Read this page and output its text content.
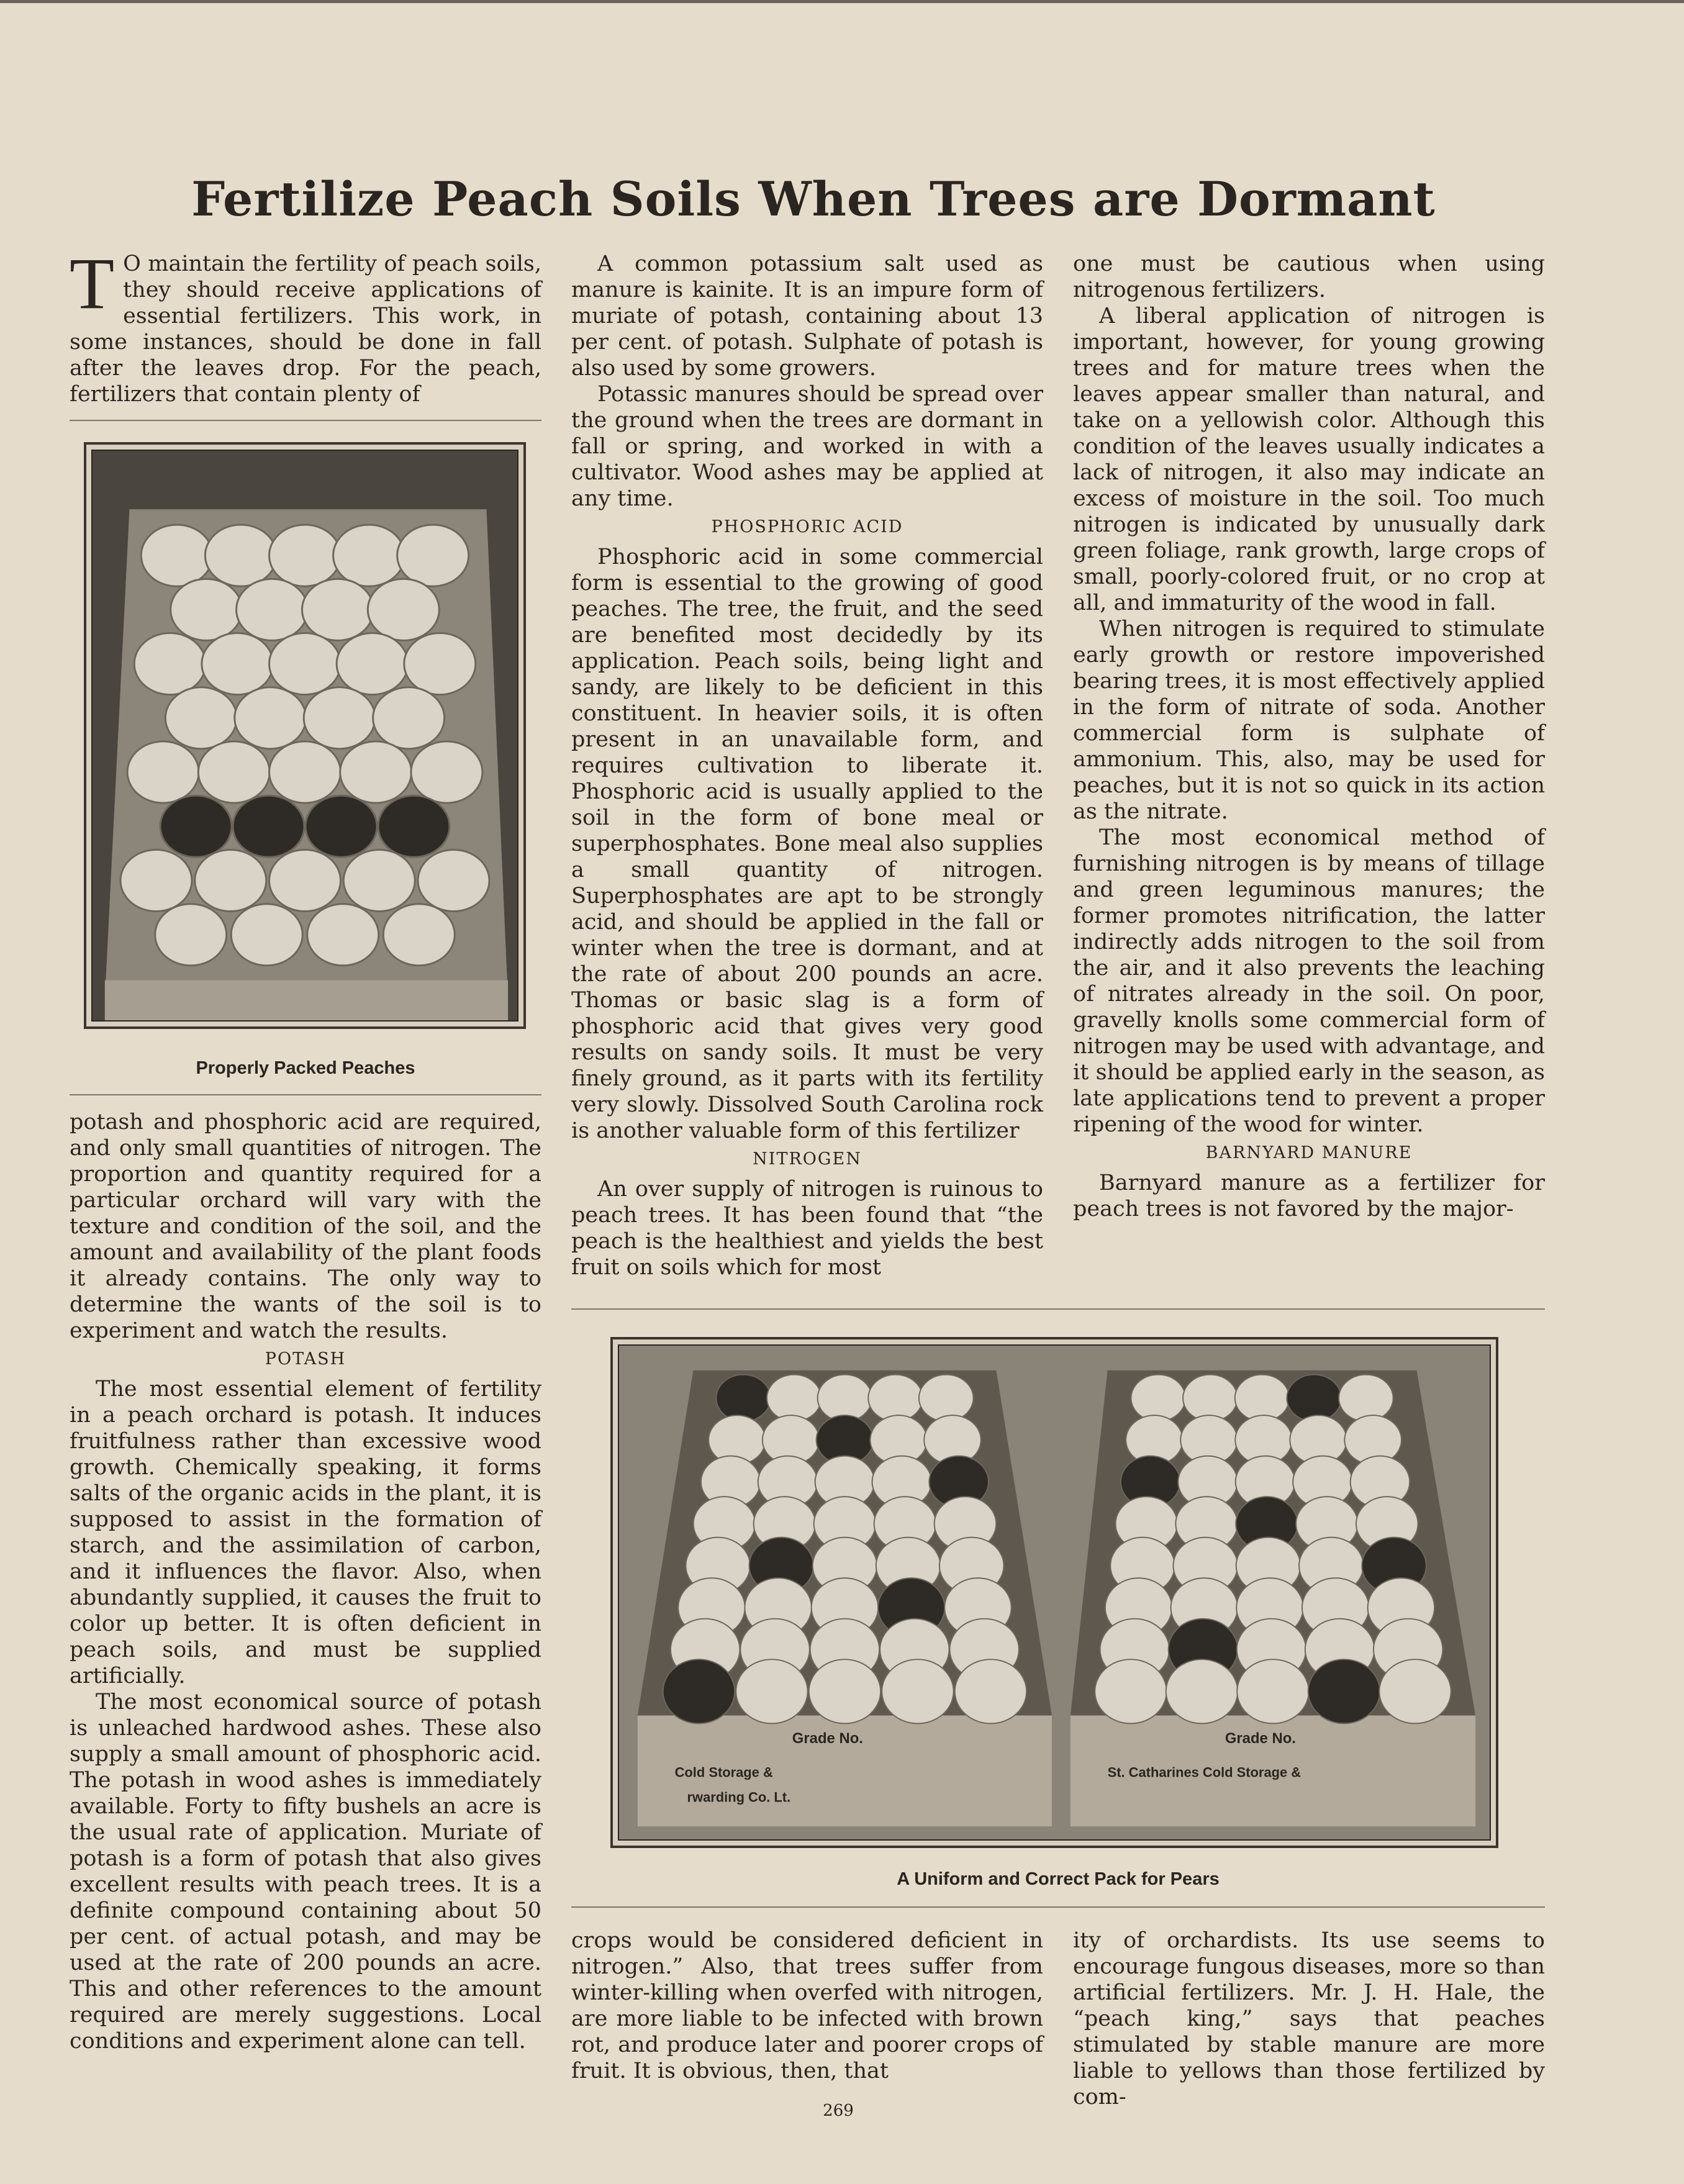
Fertilize Peach Soils When Trees are Dormant

T O maintain the fertility of peach soils, they should receive applications of essential fertilizers. This work, in some instances, should be done in fall after the leaves drop. For the peach, fertilizers that contain plenty of

Properly Packed Peaches

potash and phosphoric acid are required, and only small quantities of nitrogen. The proportion and quantity required for a particular orchard will vary with the texture and condition of the soil, and the amount and availability of the plant foods it already contains. The only way to determine the wants of the soil is to experiment and watch the results.

POTASH

The most essential element of fertility in a peach orchard is potash. It induces fruitfulness rather than excessive wood growth. Chemically speaking, it forms salts of the organic acids in the plant, it is supposed to assist in the formation of starch, and the assimilation of carbon, and it influences the flavor. Also, when abundantly supplied, it causes the fruit to color up better. It is often deficient in peach soils, and must be supplied artificially.

The most economical source of potash is unleached hardwood ashes. These also supply a small amount of phosphoric acid. The potash in wood ashes is immediately available. Forty to fifty bushels an acre is the usual rate of application. Muriate of potash is a form of potash that also gives excellent results with peach trees. It is a definite compound containing about 50 per cent. of actual potash, and may be used at the rate of 200 pounds an acre. This and other references to the amount required are merely suggestions. Local conditions and experiment alone can tell.

A common potassium salt used as manure is kainite. It is an impure form of muriate of potash, containing about 13 per cent. of potash. Sulphate of potash is also used by some growers.

Potassic manures should be spread over the ground when the trees are dormant in fall or spring, and worked in with a cultivator. Wood ashes may be applied at any time.

PHOSPHORIC ACID

Phosphoric acid in some commercial form is essential to the growing of good peaches. The tree, the fruit, and the seed are benefited most decidedly by its application. Peach soils, being light and sandy, are likely to be deficient in this constituent. In heavier soils, it is often present in an unavailable form, and requires cultivation to liberate it. Phosphoric acid is usually applied to the soil in the form of bone meal or superphosphates. Bone meal also supplies a small quantity of nitrogen. Superphosphates are apt to be strongly acid, and should be applied in the fall or winter when the tree is dormant, and at the rate of about 200 pounds an acre. Thomas or basic slag is a form of phosphoric acid that gives very good results on sandy soils. It must be very finely ground, as it parts with its fertility very slowly. Dissolved South Carolina rock is another valuable form of this fertilizer

NITROGEN

An over supply of nitrogen is ruinous to peach trees. It has been found that “the peach is the healthiest and yields the best fruit on soils which for most

one must be cautious when using nitrogenous fertilizers.

A liberal application of nitrogen is important, however, for young growing trees and for mature trees when the leaves appear smaller than natural, and take on a yellowish color. Although this condition of the leaves usually indicates a lack of nitrogen, it also may indicate an excess of moisture in the soil. Too much nitrogen is indicated by unusually dark green foliage, rank growth, large crops of small, poorly-colored fruit, or no crop at all, and immaturity of the wood in fall.

When nitrogen is required to stimulate early growth or restore impoverished bearing trees, it is most effectively applied in the form of nitrate of soda. Another commercial form is sulphate of ammonium. This, also, may be used for peaches, but it is not so quick in its action as the nitrate.

The most economical method of furnishing nitrogen is by means of tillage and green leguminous manures; the former promotes nitrification, the latter indirectly adds nitrogen to the soil from the air, and it also prevents the leaching of nitrates already in the soil. On poor, gravelly knolls some commercial form of nitrogen may be used with advantage, and it should be applied early in the season, as late applications tend to prevent a proper ripening of the wood for winter.

BARNYARD MANURE

Barnyard manure as a fertilizer for peach trees is not favored by the major-

Grade No.
Cold Storage &
rwarding Co. Lt.
Grade No.
St. Catharines Cold Storage &
A Uniform and Correct Pack for Pears

crops would be considered deficient in nitrogen.” Also, that trees suffer from winter-killing when overfed with nitrogen, are more liable to be infected with brown rot, and produce later and poorer crops of fruit. It is obvious, then, that

ity of orchardists. Its use seems to encourage fungous diseases, more so than artificial fertilizers. Mr. J. H. Hale, the “peach king,” says that peaches stimulated by stable manure are more liable to yellows than those fertilized by com-

269
